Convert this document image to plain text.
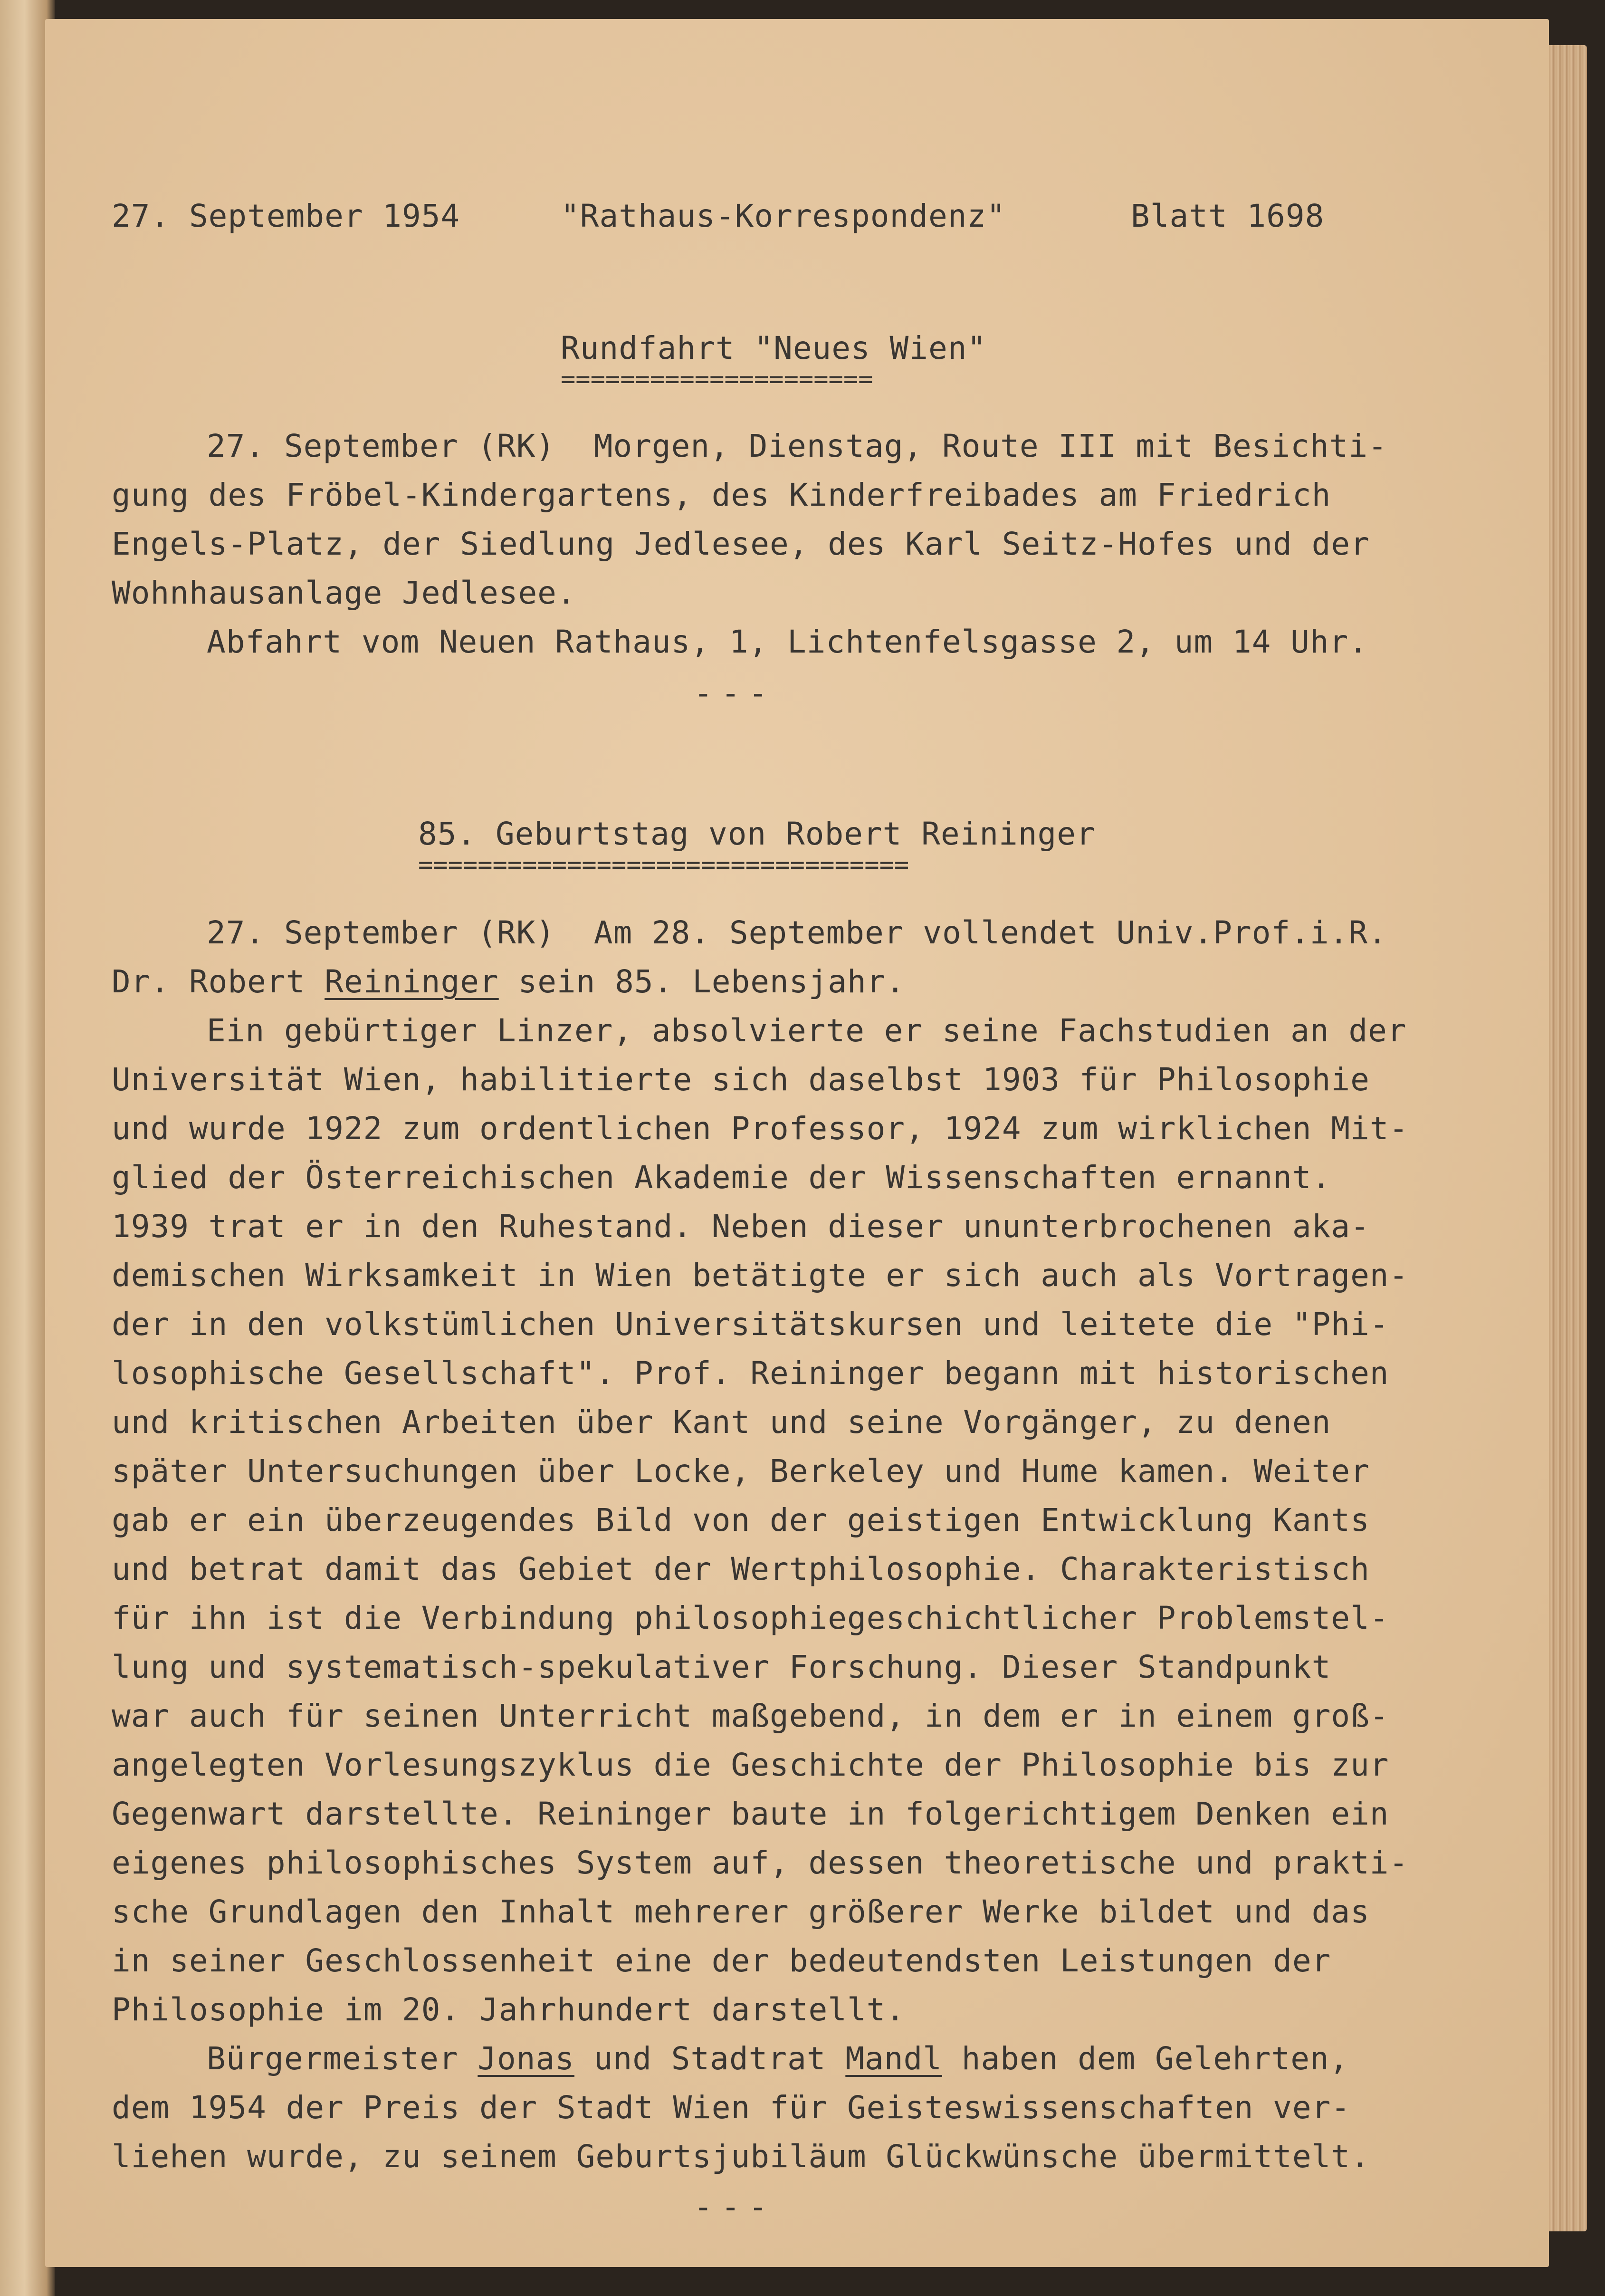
27. September 1954	"Rathaus-Korrespondenz"	Blatt 1698
Rundfahrt "Neues Wien"
=====================
27. September (RK)  Morgen, Dienstag, Route III mit Besichti-
gung des Fröbel-Kindergartens, des Kinderfreibades am Friedrich
Engels-Platz, der Siedlung Jedlesee, des Karl Seitz-Hofes und der
Wohnhausanlage Jedlesee.
Abfahrt vom Neuen Rathaus, 1, Lichtenfelsgasse 2, um 14 Uhr.
---
85. Geburtstag von Robert Reininger
=================================
27. September (RK)  Am 28. September vollendet Univ.Prof.i.R.
Dr. Robert Reininger sein 85. Lebensjahr.
Ein gebürtiger Linzer, absolvierte er seine Fachstudien an der
Universität Wien, habilitierte sich daselbst 1903 für Philosophie
und wurde 1922 zum ordentlichen Professor, 1924 zum wirklichen Mit-
glied der Österreichischen Akademie der Wissenschaften ernannt.
1939 trat er in den Ruhestand. Neben dieser ununterbrochenen aka-
demischen Wirksamkeit in Wien betätigte er sich auch als Vortragen-
der in den volkstümlichen Universitätskursen und leitete die "Phi-
losophische Gesellschaft". Prof. Reininger begann mit historischen
und kritischen Arbeiten über Kant und seine Vorgänger, zu denen
später Untersuchungen über Locke, Berkeley und Hume kamen. Weiter
gab er ein überzeugendes Bild von der geistigen Entwicklung Kants
und betrat damit das Gebiet der Wertphilosophie. Charakteristisch
für ihn ist die Verbindung philosophiegeschichtlicher Problemstel-
lung und systematisch-spekulativer Forschung. Dieser Standpunkt
war auch für seinen Unterricht maßgebend, in dem er in einem groß-
angelegten Vorlesungszyklus die Geschichte der Philosophie bis zur
Gegenwart darstellte. Reininger baute in folgerichtigem Denken ein
eigenes philosophisches System auf, dessen theoretische und prakti-
sche Grundlagen den Inhalt mehrerer größerer Werke bildet und das
in seiner Geschlossenheit eine der bedeutendsten Leistungen der
Philosophie im 20. Jahrhundert darstellt.
Bürgermeister Jonas und Stadtrat Mandl haben dem Gelehrten,
dem 1954 der Preis der Stadt Wien für Geisteswissenschaften ver-
liehen wurde, zu seinem Geburtsjubiläum Glückwünsche übermittelt.
---
